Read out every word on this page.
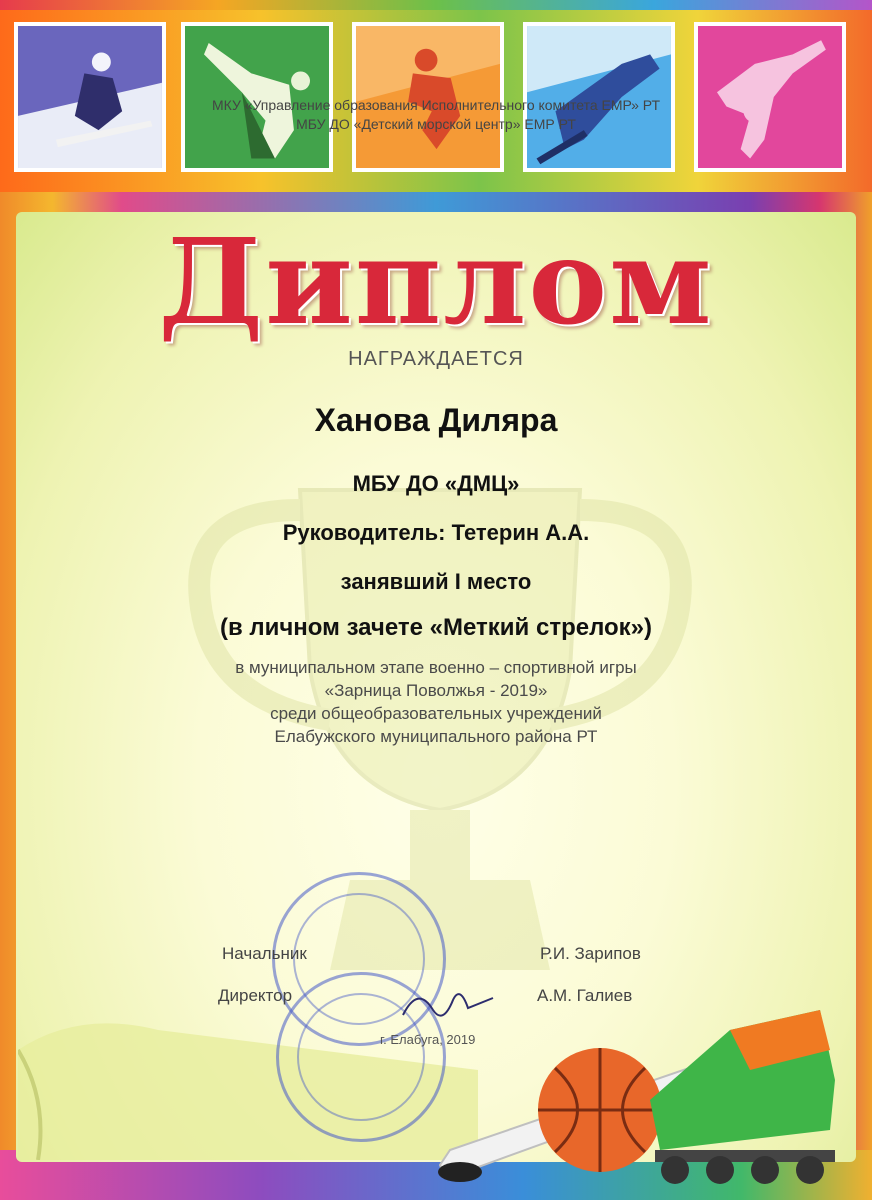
МКУ «Управление образования Исполнительного комитета ЕМР» РТ
МБУ ДО «Детский морской центр» ЕМР РТ
Диплом
НАГРАЖДАЕТСЯ
Ханова Диляра
МБУ ДО «ДМЦ»
Руководитель: Тетерин А.А.
занявший I место
(в личном зачете «Меткий стрелок»)
в муниципальном этапе военно – спортивной игры
«Зарница Поволжья - 2019»
среди общеобразовательных учреждений
Елабужского муниципального района РТ
Начальник	Р.И. Зарипов
Директор	А.М. Галиев
г. Елабуга, 2019
